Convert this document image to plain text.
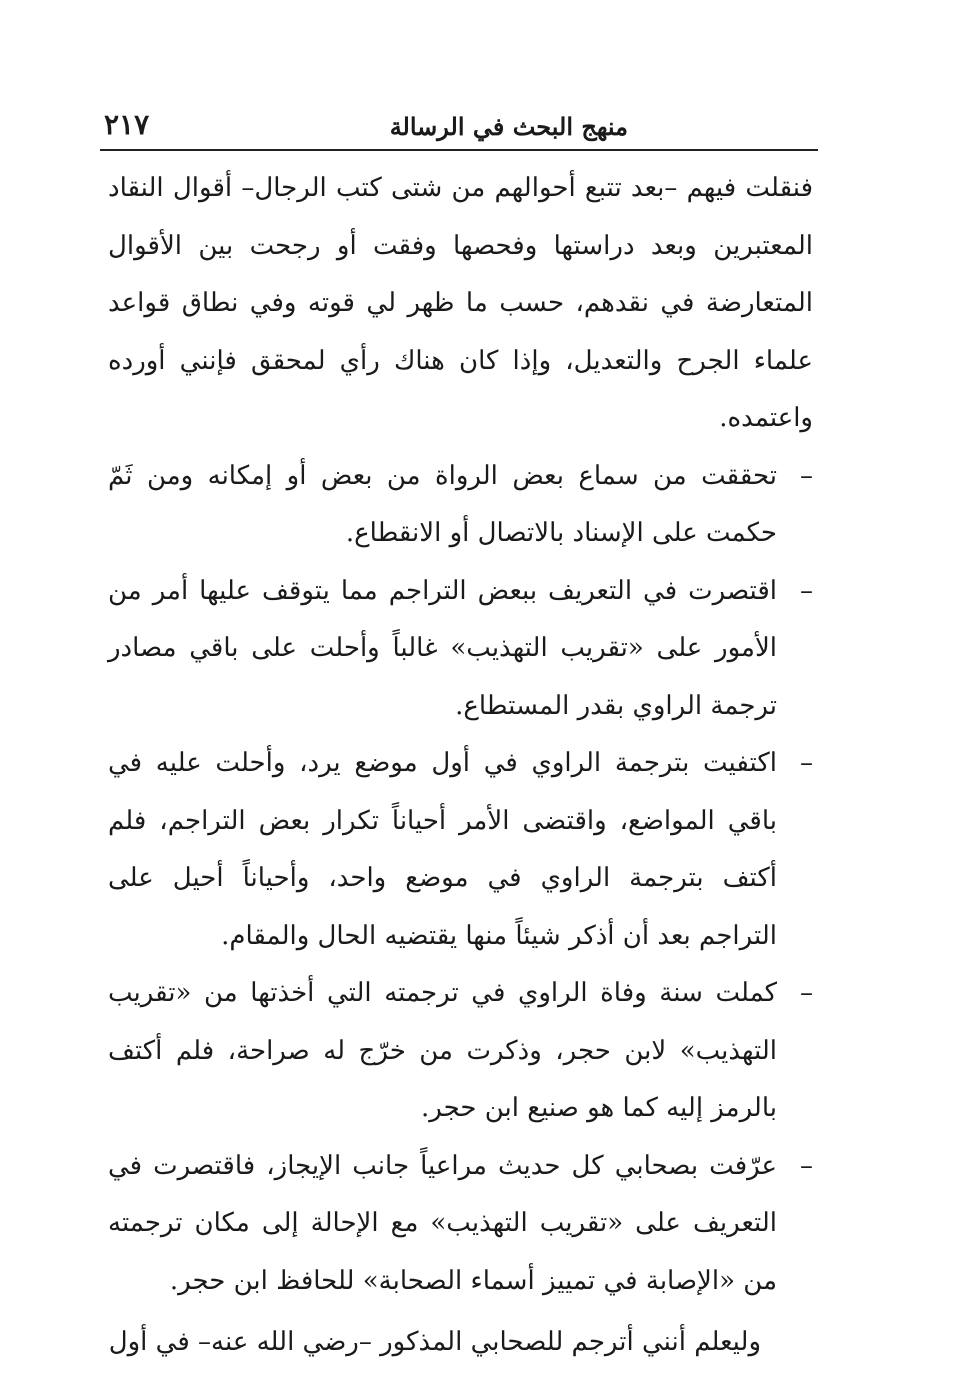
منهج البحث في الرسالة
٢١٧

فنقلت فيهم –بعد تتبع أحوالهم من شتى كتب الرجال– أقوال النقاد المعتبرين وبعد دراستها وفحصها وفقت أو رجحت بين الأقوال المتعارضة في نقدهم، حسب ما ظهر لي قوته وفي نطاق قواعد علماء الجرح والتعديل، وإذا كان هناك رأي لمحقق فإنني أورده واعتمده.

–
تحققت من سماع بعض الرواة من بعض أو إمكانه ومن ثَمّ حكمت على الإسناد بالاتصال أو الانقطاع.

–
اقتصرت في التعريف ببعض التراجم مما يتوقف عليها أمر من الأمور على «تقريب التهذيب» غالباً وأحلت على باقي مصادر ترجمة الراوي بقدر المستطاع.

–
اكتفيت بترجمة الراوي في أول موضع يرد، وأحلت عليه في باقي المواضع، واقتضى الأمر أحياناً تكرار بعض التراجم، فلم أكتف بترجمة الراوي في موضع واحد، وأحياناً أحيل على التراجم بعد أن أذكر شيئاً منها يقتضيه الحال والمقام.

–
كملت سنة وفاة الراوي في ترجمته التي أخذتها من «تقريب التهذيب» لابن حجر، وذكرت من خرّج له صراحة، فلم أكتف بالرمز إليه كما هو صنيع ابن حجر.

–
عرّفت بصحابي كل حديث مراعياً جانب الإيجاز، فاقتصرت في التعريف على «تقريب التهذيب» مع الإحالة إلى مكان ترجمته من «الإصابة في تمييز أسماء الصحابة» للحافظ ابن حجر.

وليعلم أنني أترجم للصحابي المذكور –رضي الله عنه– في أول
